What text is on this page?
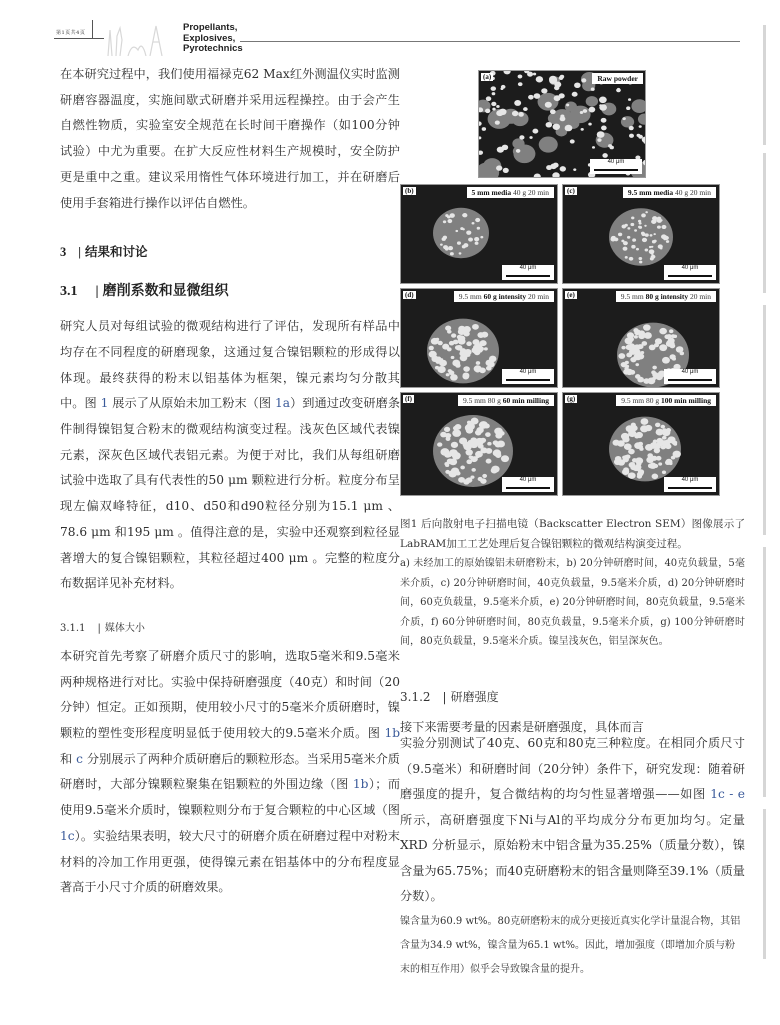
第1页共4页	Propellants,
Explosives,
Pyrotechnics

在本研究过程中，我们使用福禄克62 Max红外测温仪实时监测研磨容器温度，实施间歇式研磨并采用远程操控。由于会产生自燃性物质，实验室安全规范在长时间干磨操作（如100分钟试验）中尤为重要。在扩大反应性材料生产规模时，安全防护更是重中之重。建议采用惰性气体环境进行加工，并在研磨后使用手套箱进行操作以评估自燃性。

3 | 结果和讨论
3.1 | 磨削系数和显微组织

研究人员对每组试验的微观结构进行了评估，发现所有样品中均存在不同程度的研磨现象，这通过复合镍铝颗粒的形成得以体现。最终获得的粉末以铝基体为框架，镍元素均匀分散其中。图 1 展示了从原始未加工粉末（图 1a）到通过改变研磨条件制得镍铝复合粉末的微观结构演变过程。浅灰色区域代表镍元素，深灰色区域代表铝元素。为便于对比，我们从每组研磨试验中选取了具有代表性的50 μm 颗粒进行分析。粒度分布呈现左偏双峰特征，d10、d50和d90粒径分别为15.1 μm 、78.6 μm 和195 μm 。值得注意的是，实验中还观察到粒径显著增大的复合镍铝颗粒，其粒径超过400 μm 。完整的粒度分布数据详见补充材料。

3.1.1 | 媒体大小

本研究首先考察了研磨介质尺寸的影响，选取5毫米和9.5毫米两种规格进行对比。实验中保持研磨强度（40克）和时间（20分钟）恒定。正如预期，使用较小尺寸的5毫米介质研磨时，镍颗粒的塑性变形程度明显低于使用较大的9.5毫米介质。图 1b 和 c 分别展示了两种介质研磨后的颗粒形态。当采用5毫米介质研磨时，大部分镍颗粒聚集在铝颗粒的外围边缘（图 1b）；而使用9.5毫米介质时，镍颗粒则分布于复合颗粒的中心区域（图 1c）。实验结果表明，较大尺寸的研磨介质在研磨过程中对粉末材料的冷加工作用更强，使得镍元素在铝基体中的分布程度显著高于小尺寸介质的研磨效果。

(a)	Raw powder
40 μm
(b)	5 mm media 40 g 20 min
40 μm
(c)	9.5 mm media 40 g 20 min
40 μm
(d)	9.5 mm 60 g intensity 20 min
40 μm
(e)	9.5 mm 80 g intensity 20 min
40 μm
(f)	9.5 mm 80 g 60 min milling
40 μm
(g)	9.5 mm 80 g 100 min milling
40 μm
图1 后向散射电子扫描电镜（Backscatter Electron SEM）图像展示了LabRAM加工工艺处理后复合镍铝颗粒的微观结构演变过程。
a) 未经加工的原始镍铝未研磨粉末，b) 20分钟研磨时间，40克负载量，5毫米介质，c) 20分钟研磨时间，40克负载量，9.5毫米介质，d) 20分钟研磨时间，60克负载量，9.5毫米介质，e) 20分钟研磨时间，80克负载量，9.5毫米介质，f) 60分钟研磨时间，80克负载量，9.5毫米介质，g) 100分钟研磨时间，80克负载量，9.5毫米介质。镍呈浅灰色，铝呈深灰色。
3.1.2 | 研磨强度
接下来需要考量的因素是研磨强度，具体而言

实验分别测试了40克、60克和80克三种粒度。在相同介质尺寸（9.5毫米）和研磨时间（20分钟）条件下，研究发现：随着研磨强度的提升，复合微结构的均匀性显著增强——如图 1c - e 所示，高研磨强度下Ni与Al的平均成分分布更加均匀。定量 XRD 分析显示，原始粉末中铝含量为35.25%（质量分数），镍含量为65.75%；而40克研磨粉末的铝含量则降至39.1%（质量分数）。

镍含量为60.9 wt%。80克研磨粉末的成分更接近真实化学计量混合物，其铝含量为34.9 wt%，镍含量为65.1 wt%。因此，增加强度（即增加介质与粉末的相互作用）似乎会导致镍含量的提升。
